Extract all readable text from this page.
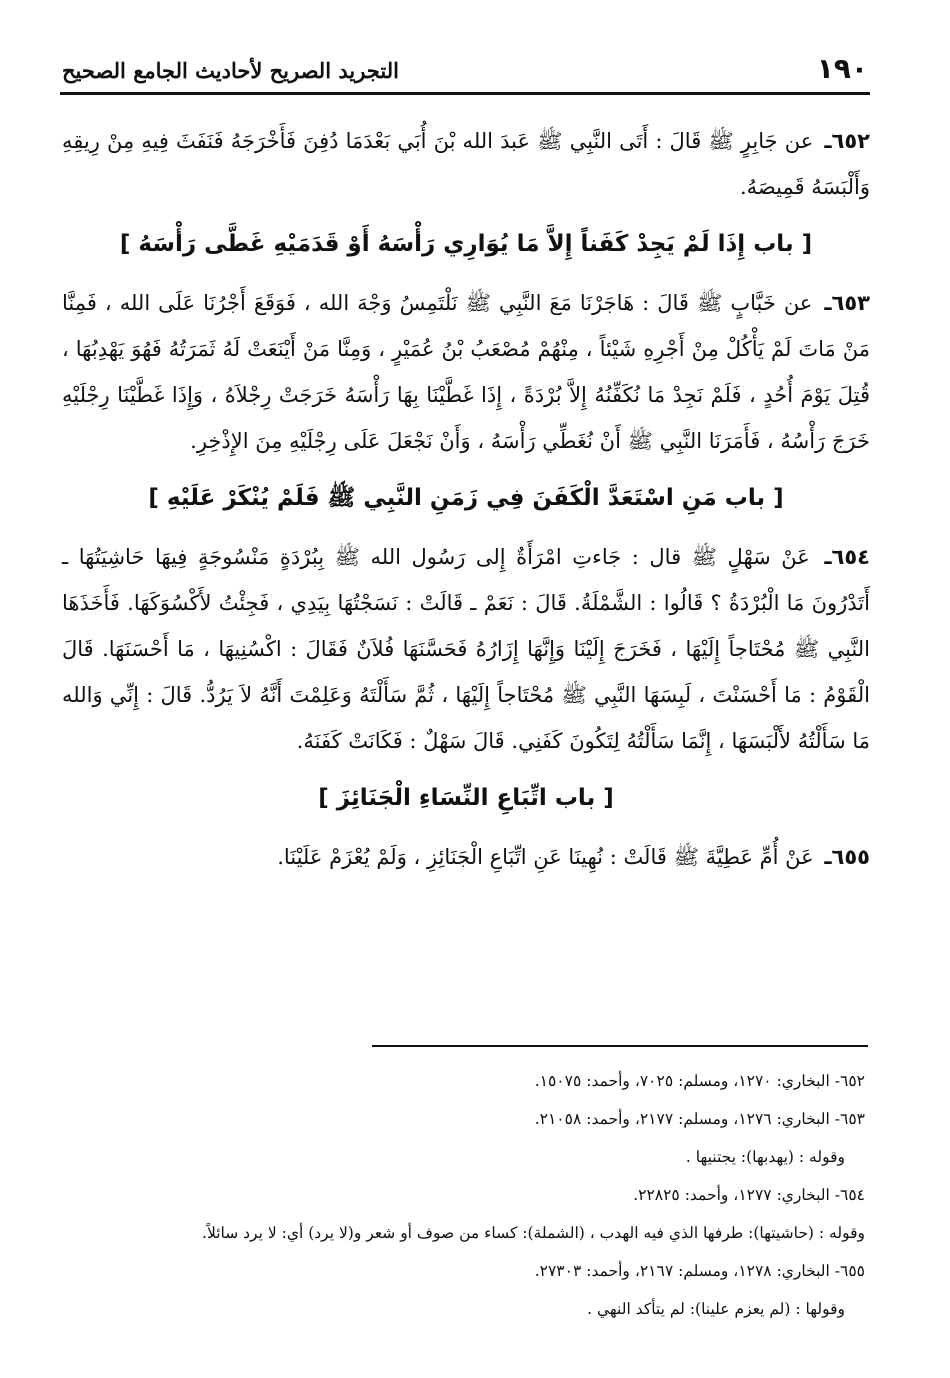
١٩٠
التجريد الصريح لأحاديث الجامع الصحيح

٦٥٢ـ عن جَابِرٍ ﷺ قَالَ : أَتَى النَّبِي ﷺ عَبدَ الله بْنَ أُبَي بَعْدَمَا دُفِنَ فَأَخْرَجَهُ فَنَفَثَ فِيهِ مِنْ رِيقِهِ وَأَلْبَسَهُ قَمِيصَهُ.

[ باب إِذَا لَمْ يَجِدْ كَفَناً إِلاَّ مَا يُوَارِي رَأْسَهُ أَوْ قَدَمَيْهِ غَطَّى رَأْسَهُ ]

٦٥٣ـ عن خَبَّابٍ ﷺ قَالَ : هَاجَرْنَا مَعَ النَّبِي ﷺ نَلْتَمِسُ وَجْهَ الله ، فَوَقَعَ أَجْرُنَا عَلَى الله ، فَمِنَّا مَنْ مَاتَ لَمْ يَأْكُلْ مِنْ أَجْرِهِ شَيْئاً ، مِنْهُمْ مُصْعَبُ بْنُ عُمَيْرٍ ، وَمِنَّا مَنْ أَيْنَعَتْ لَهُ ثَمَرَتُهُ فَهُوَ يَهْدِبُهَا ، قُتِلَ يَوْمَ أُحُدٍ ، فَلَمْ نَجِدْ مَا نُكَفِّنُهُ إِلاَّ بُرْدَةً ، إِذَا غَطَّيْنَا بِهَا رَأْسَهُ خَرَجَتْ رِجْلاَهُ ، وَإِذَا غَطَّيْنَا رِجْلَيْهِ خَرَجَ رَأْسُهُ ، فَأَمَرَنَا النَّبِي ﷺ أَنْ نُغَطِّي رَأْسَهُ ، وَأَنْ نَجْعَلَ عَلَى رِجْلَيْهِ مِنَ الإِذْخِرِ.

[ باب مَنِ اسْتَعَدَّ الْكَفَنَ فِي زَمَنِ النَّبِي ﷺ فَلَمْ يُنْكَرْ عَلَيْهِ ]

٦٥٤ـ عَنْ سَهْلٍ ﷺ قال : جَاءتِ امْرَأَةٌ إِلى رَسُول الله ﷺ بِبُرْدَةٍ مَنْسُوجَةٍ فِيهَا حَاشِيَتُهَا ـ أَتَدْرُونَ مَا الْبُرْدَةُ ؟ قَالُوا : الشَّمْلَةُ. قَالَ : نَعَمْ ـ قَالَتْ : نَسَجْتُهَا بِيَدِي ، فَجِئْتُ لأَكْسُوَكَهَا. فَأَخَذَهَا النَّبِي ﷺ مُحْتَاجاً إِلَيْهَا ، فَخَرَجَ إِلَيْنَا وَإِنَّهَا إِزَارُهُ فَحَسَّنَهَا فُلاَنٌ فَقَالَ : اكْسُنِيهَا ، مَا أَحْسَنَهَا. قَالَ الْقَوْمُ : مَا أَحْسَنْتَ ، لَبِسَهَا النَّبِي ﷺ مُحْتَاجاً إِلَيْهَا ، ثُمَّ سَأَلْتَهُ وَعَلِمْتَ أَنَّهُ لاَ يَرُدُّ. قَالَ : إِنِّي وَالله مَا سَأَلْتُهُ لأَلْبَسَهَا ، إِنَّمَا سَأَلْتُهُ لِتَكُونَ كَفَنِي. قَالَ سَهْلٌ : فَكَانَتْ كَفَنَهُ.

[ باب اتِّبَاعِ النِّسَاءِ الْجَنَائِزَ ]

٦٥٥ـ عَنْ أُمِّ عَطِيَّةَ ﷺ قَالَتْ : نُهِينَا عَنِ اتِّبَاعِ الْجَنَائِزِ ، وَلَمْ يُعْزَمْ عَلَيْنَا.

٦٥٢- البخاري: ١٢٧٠، ومسلم: ٧٠٢٥، وأحمد: ١٥٠٧٥.
٦٥٣- البخاري: ١٢٧٦، ومسلم: ٢١٧٧، وأحمد: ٢١٠٥٨.
وقوله : (يهدبها): يجتنيها .
٦٥٤- البخاري: ١٢٧٧، وأحمد: ٢٢٨٢٥.
وقوله : (حاشيتها): طرفها الذي فيه الهدب ، (الشملة): كساء من صوف أو شعر و(لا يرد) أي: لا يرد سائلاً.
٦٥٥- البخاري: ١٢٧٨، ومسلم: ٢١٦٧، وأحمد: ٢٧٣٠٣.
وقولها : (لم يعزم علينا): لم يتأكد النهي .
